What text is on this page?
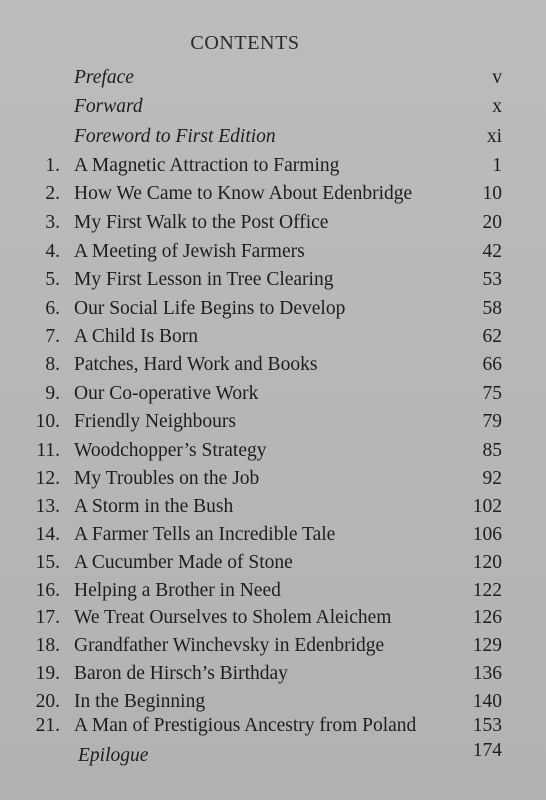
CONTENTS
Preface	v
Forward	x
Foreword to First Edition	xi
1. A Magnetic Attraction to Farming	1
2. How We Came to Know About Edenbridge	10
3. My First Walk to the Post Office	20
4. A Meeting of Jewish Farmers	42
5. My First Lesson in Tree Clearing	53
6. Our Social Life Begins to Develop	58
7. A Child Is Born	62
8. Patches, Hard Work and Books	66
9. Our Co-operative Work	75
10. Friendly Neighbours	79
11. Woodchopper’s Strategy	85
12. My Troubles on the Job	92
13. A Storm in the Bush	102
14. A Farmer Tells an Incredible Tale	106
15. A Cucumber Made of Stone	120
16. Helping a Brother in Need	122
17. We Treat Ourselves to Sholem Aleichem	126
18. Grandfather Winchevsky in Edenbridge	129
19. Baron de Hirsch’s Birthday	136
20. In the Beginning	140
21. A Man of Prestigious Ancestry from Poland	153
Epilogue	174
